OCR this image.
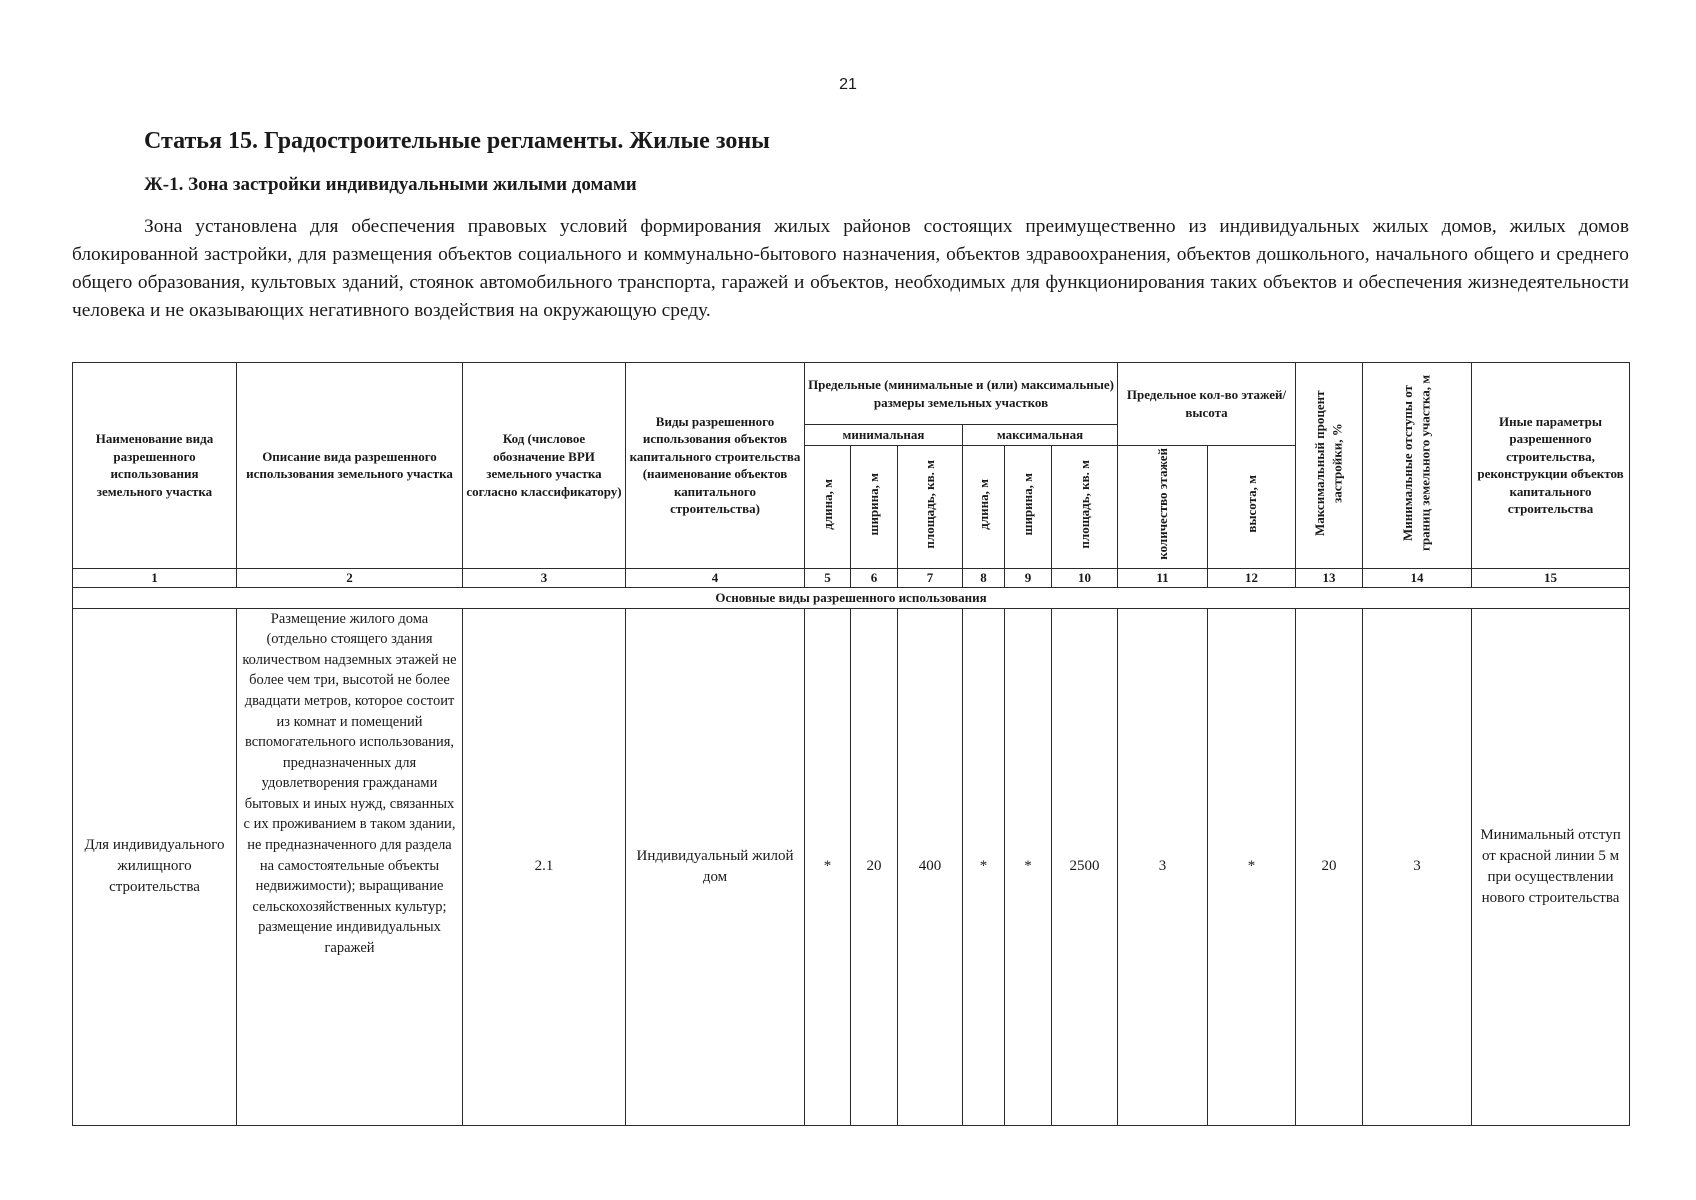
21
Статья 15. Градостроительные регламенты. Жилые зоны
Ж-1. Зона застройки индивидуальными жилыми домами

Зона установлена для обеспечения правовых условий формирования жилых районов состоящих преимущественно из индивидуальных жилых домов, жилых домов блокированной застройки, для размещения объектов социального и коммунально-бытового назначения, объектов здравоохранения, объектов дошкольного, начального общего и среднего общего образования, культовых зданий, стоянок автомобильного транспорта, гаражей и объектов, необходимых для функционирования таких объектов и обеспечения жизнедеятельности человека и не оказывающих негативного воздействия на окружающую среду.

Наименование вида разрешенного использования земельного участка	Описание вида разрешенного использования земельного участка	Код (числовое обозначение ВРИ земельного участка согласно классификатору)	Виды разрешенного использования объектов капитального строительства (наименование объектов капитального строительства)	Предельные (минимальные и (или) максимальные) размеры земельных участков						Предельное кол-во этажей/высота		Максимальный процент застройки, %	Минимальные отступы от границ земельного участка, м	Иные параметры разрешенного строительства, реконструкции объектов капитального строительства
				минимальная			максимальная							
				длина, м	ширина, м	площадь, кв. м	длина, м	ширина, м	площадь, кв. м	количество этажей	высота, м			
1	2	3	4	5	6	7	8	9	10	11	12	13	14	15
Основные виды разрешенного использования														
Для индивидуального жилищного строительства	Размещение жилого дома (отдельно стоящего здания количеством надземных этажей не более чем три, высотой не более двадцати метров, которое состоит из комнат и помещений вспомогательного использования, предназначенных для удовлетворения гражданами бытовых и иных нужд, связанных с их проживанием в таком здании, не предназначенного для раздела на самостоятельные объекты недвижимости); выращивание сельскохозяйственных культур; размещение индивидуальных гаражей	2.1	Индивидуальный жилой дом	*	20	400	*	*	2500	3	*	20	3	Минимальный отступ от красной линии 5 м при осуществлении нового строительства
